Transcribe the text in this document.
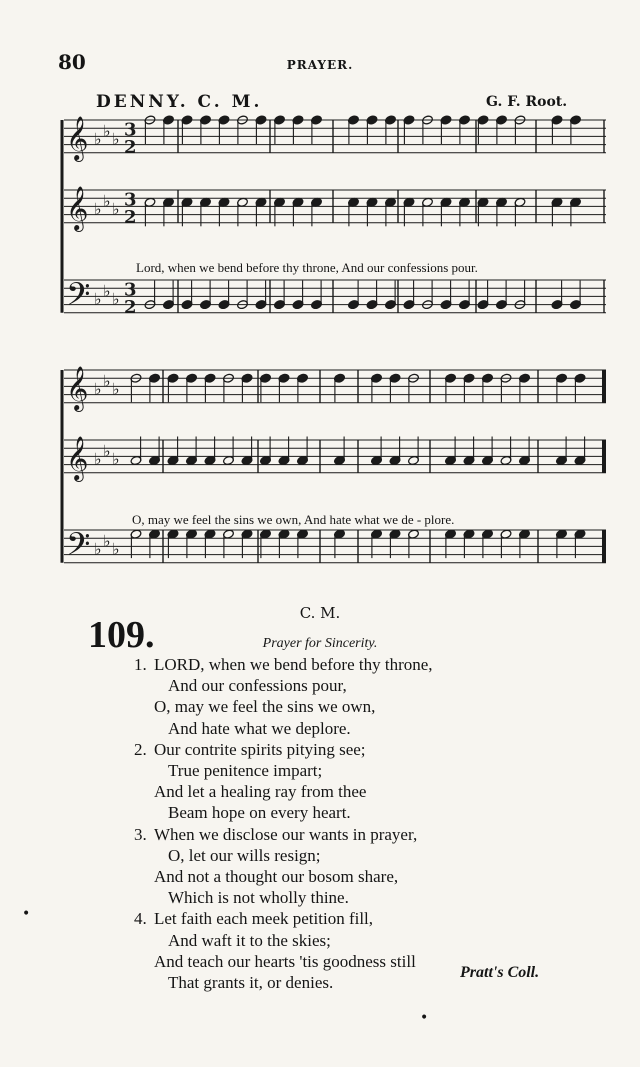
80	PRAYER.
DENNY. C. M.	G. F. Root.
𝄞 ♭ ♭ ♭ 3
2
𝄞 ♭ ♭ ♭ 3
2
𝄢 ♭ ♭ ♭ 3
2
𝄞 ♭ ♭ ♭
𝄞 ♭ ♭ ♭
𝄢 ♭ ♭ ♭
Lord, when we bend before thy throne, And our confessions pour.
O, may we feel the sins we own, And hate what we de - plore.
C. M.
109.	Prayer for Sincerity.
1. LORD, when we bend before thy throne,
And our confessions pour,
O, may we feel the sins we own,
And hate what we deplore.
2. Our contrite spirits pitying see;
True penitence impart;
And let a healing ray from thee
Beam hope on every heart.
3. When we disclose our wants in prayer,
O, let our wills resign;
And not a thought our bosom share,
Which is not wholly thine.
4. Let faith each meek petition fill,
And waft it to the skies;
And teach our hearts 'tis goodness still
That grants it, or denies.
Pratt's Coll.
•
•
